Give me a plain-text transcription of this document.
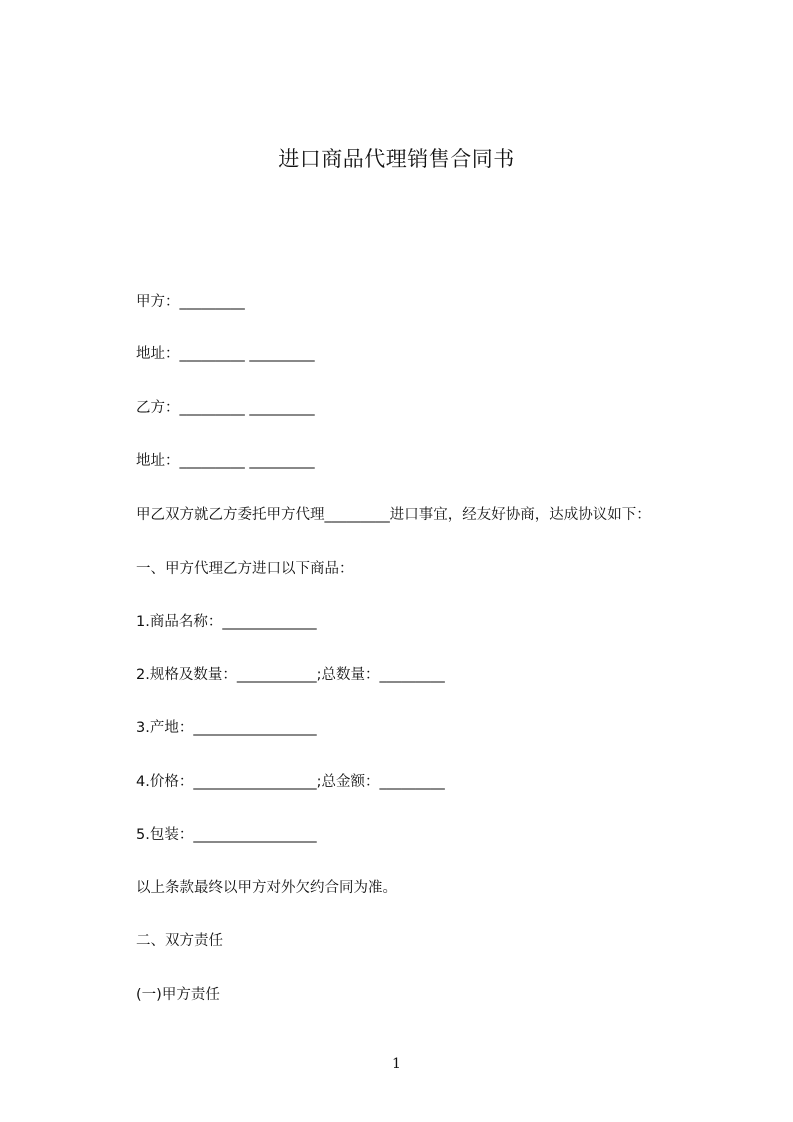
进口商品代理销售合同书
甲方：_________
地址：_________ _________
乙方：_________ _________
地址：_________ _________
甲乙双方就乙方委托甲方代理_________进口事宜，经友好协商，达成协议如下：
一、甲方代理乙方进口以下商品：
1.商品名称：_____________
2.规格及数量：___________;总数量：_________
3.产地：_________________
4.价格：_________________;总金额：_________
5.包装：_________________
以上条款最终以甲方对外欠约合同为准。
二、双方责任
(一)甲方责任
1
